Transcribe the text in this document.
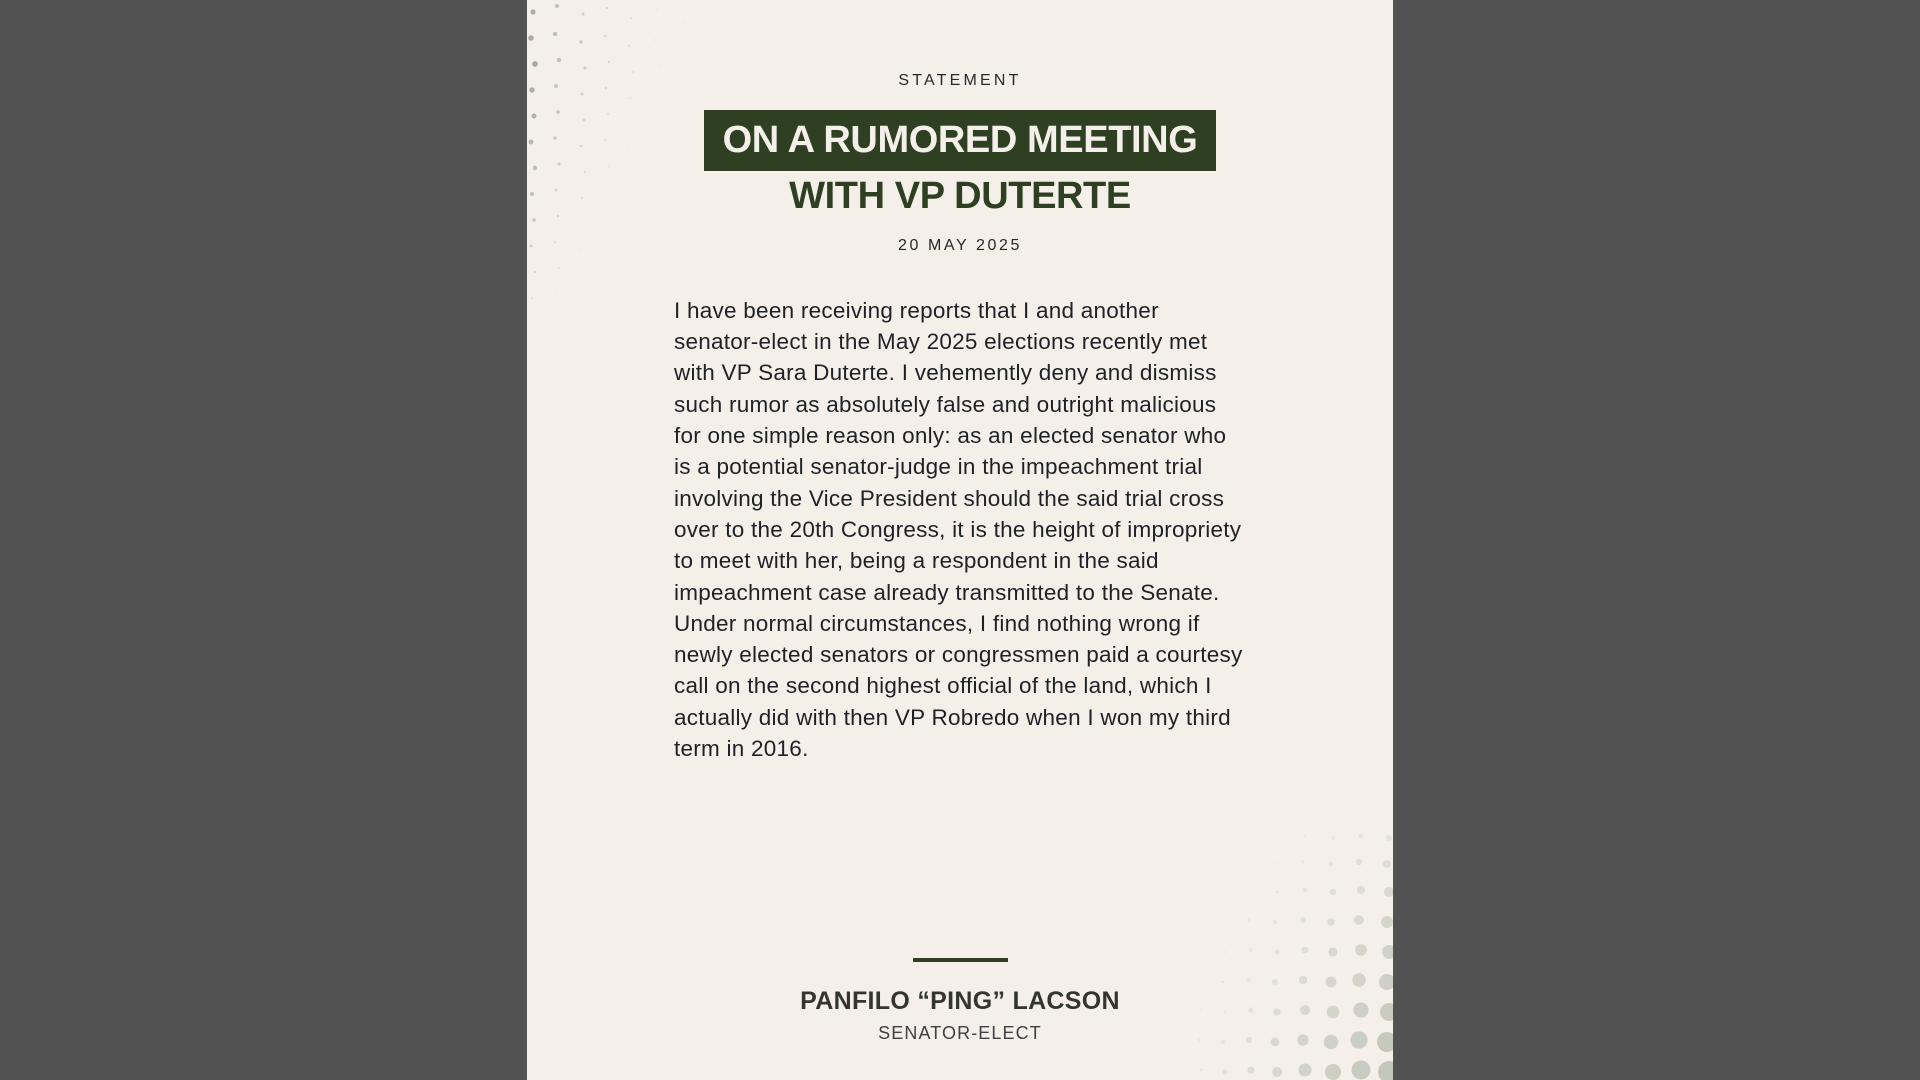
STATEMENT
ON A RUMORED MEETING
WITH VP DUTERTE
20 MAY 2025
I have been receiving reports that I and another senator-elect in the May 2025 elections recently met with VP Sara Duterte. I vehemently deny and dismiss such rumor as absolutely false and outright malicious for one simple reason only: as an elected senator who is a potential senator-judge in the impeachment trial involving the Vice President should the said trial cross over to the 20th Congress, it is the height of impropriety to meet with her, being a respondent in the said impeachment case already transmitted to the Senate. Under normal circumstances, I find nothing wrong if newly elected senators or congressmen paid a courtesy call on the second highest official of the land, which I actually did with then VP Robredo when I won my third term in 2016.
PANFILO “PING” LACSON
SENATOR-ELECT
